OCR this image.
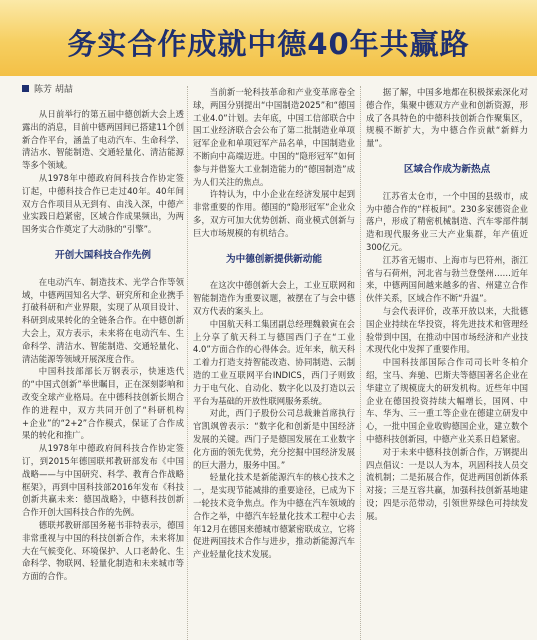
务实合作成就中德40年共赢路
陈芳 胡喆

从日前举行的第五届中德创新大会上透露出的消息，目前中德两国间已搭建11个创新合作平台，涵盖了电动汽车、生命科学、清洁水、智能制造、交通轻量化、清洁能源等多个领域。

从1978年中德政府间科技合作协定签订起，中德科技合作已走过40年。40年间双方合作项目从无到有、由浅入深，中德产业实践日趋紧密，区域合作成果频出，为两国务实合作奠定了大动脉的“引擎”。

开创大国科技合作先例

在电动汽车、制造技术、光学合作等领域，中德两国知名大学、研究所和企业携手打破科研和产业界限，实现了从项目设计、科研到成果转化的全链条合作。在中德创新大会上，双方表示，未来将在电动汽车、生命科学、清洁水、智能制造、交通轻量化、清洁能源等领域开展深度合作。

中国科技部部长万钢表示，快速迭代的“中国式创新”举世瞩目，正在深刻影响和改变全球产业格局。在中德科技创新长期合作的进程中，双方共同开创了“科研机构+企业”的“2+2”合作模式，保证了合作成果的转化和推广。

从1978年中德政府间科技合作协定签订，到2015年德国联邦教研部发布《中国战略——与中国研究、科学、教育合作战略框架》，再到中国科技部2016年发布《科技创新共赢未来：德国战略》，中德科技创新合作开创大国科技合作的先例。

德联邦教研部国务秘书菲特表示，德国非常重视与中国的科技创新合作，未来将加大在气候变化、环境保护、人口老龄化、生命科学、物联网、轻量化制造和未来城市等方面的合作。

当前新一轮科技革命和产业变革席卷全球，两国分别提出“中国制造2025”和“德国工业4.0”计划。去年底，中国工信部联合中国工业经济联合会公布了第二批制造业单项冠军企业和单项冠军产品名单，中国制造业不断向中高端迈进。中国的“隐形冠军”如何参与并借鉴大工业制造能力的“德国制造”成为人们关注的焦点。

许特认为，中小企业在经济发展中起到非常重要的作用。德国的“隐形冠军”企业众多，双方可加大优势创新、商业模式创新与巨大市场规模的有机结合。

为中德创新提供新动能

在这次中德创新大会上，工业互联网和智能制造作为重要议题，被摆在了与会中德双方代表的案头上。

中国航天科工集团副总经理魏毅寅在会上分享了航天科工与德国西门子在“工业4.0”方面合作的心得体会。近年来，航天科工着力打造支持智能改造、协同制造、云制造的工业互联网平台INDICS，西门子则致力于电气化、自动化、数字化以及打造以云平台为基础的开放性联网服务系统。

对此，西门子股份公司总裁兼首席执行官凯飒曾表示：“数字化和创新是中国经济发展的关键。西门子是德国发展在工业数字化方面的领先优势，充分挖掘中国经济发展的巨大潜力，服务中国。”

轻量化技术是新能源汽车的核心技术之一，是实现节能减排的重要途径，已成为下一轮技术竞争焦点。作为中德在汽车领域的合作之举，中德汽车轻量化技术工程中心去年12月在德国来德城市德紧密联成立，它将促进两国技术合作与进步，推动新能源汽车产业轻量化技术发展。

据了解，中国多地都在积极探索深化对德合作，集聚中德双方产业和创新资源，形成了各具特色的中德科技创新合作聚集区，规模不断扩大，为中德合作贡献“新鲜力量”。

区域合作成为新热点

江苏省太仓市，一个中国的县级市，成为中德合作的“样板间”。230多家德资企业落户，形成了精密机械制造、汽车零部件制造和现代服务业三大产业集群，年产值近300亿元。

江苏省无锡市、上海市与巴符州，浙江省与石荷州，河北省与勃兰登堡州……近年来，中德两国间越来越多的省、州建立合作伙伴关系，区域合作不断“升温”。

与会代表评价，改革开放以来，大批德国企业持续在华投资，将先进技术和管理经验带到中国，在推动中国市场经济和产业技术现代化中发挥了重要作用。

中国科技部国际合作司司长叶冬柏介绍，宝马、奔驰、巴斯夫等德国著名企业在华建立了规模庞大的研发机构。近些年中国企业在德国投资持续大幅增长，国网、中车、华为、三一重工等企业在德建立研发中心，一批中国企业收购德国企业，建立数个中德科技创新园，中德产业关系日趋紧密。

对于未来中德科技创新合作，万钢提出四点倡议：一是以人为本，巩固科技人员交流机制；二是拓展合作，促进两国创新体系对接；三是互容共赢，加强科技创新基地建设；四是示范带动，引领世界绿色可持续发展。
